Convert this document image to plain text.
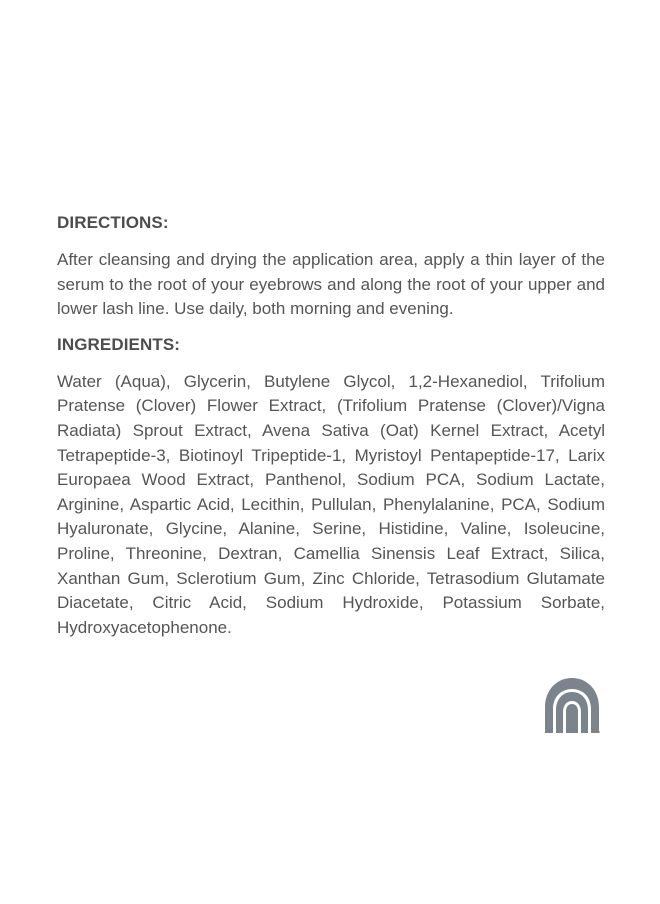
DIRECTIONS:

After cleansing and drying the application area, apply a thin layer of the serum to the root of your eyebrows and along the root of your upper and lower lash line. Use daily, both morning and evening.

INGREDIENTS:

Water (Aqua), Glycerin, Butylene Glycol, 1,2-Hexanediol, Trifolium Pratense (Clover) Flower Extract, (Trifolium Pratense (Clover)/Vigna Radiata) Sprout Extract, Avena Sativa (Oat) Kernel Extract, Acetyl Tetrapeptide-3, Biotinoyl Tripeptide-1, Myristoyl Pentapeptide-17, Larix Europaea Wood Extract, Panthenol, Sodium PCA, Sodium Lactate, Arginine, Aspartic Acid, Lecithin, Pullulan, Phenylalanine, PCA, Sodium Hyaluronate, Glycine, Alanine, Serine, Histidine, Valine, Isoleucine, Proline, Threonine, Dextran, Camellia Sinensis Leaf Extract, Silica, Xanthan Gum, Sclerotium Gum, Zinc Chloride, Tetrasodium Glutamate Diacetate, Citric Acid, Sodium Hydroxide, Potassium Sorbate, Hydroxyacetophenone.
